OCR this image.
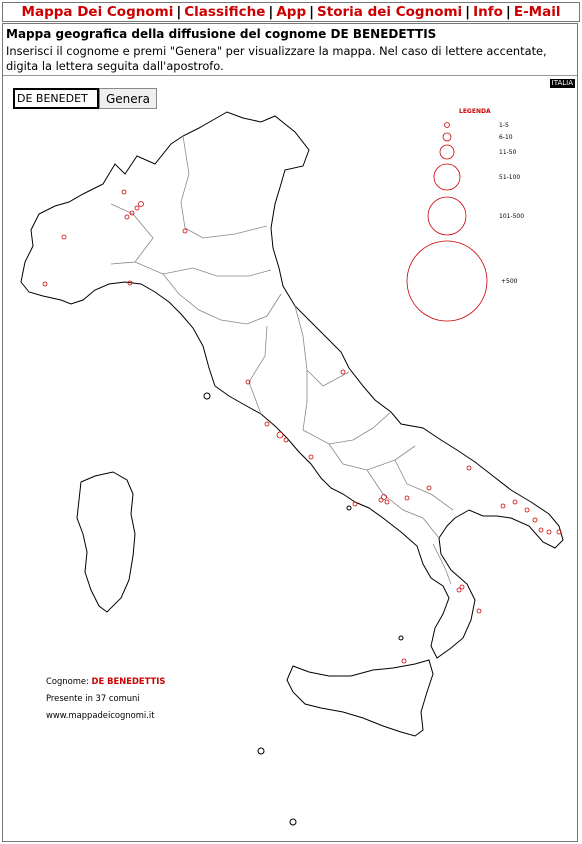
Mappa Dei Cognomi | Classifiche | App | Storia dei Cognomi | Info | E-Mail
Mappa geografica della diffusione del cognome DE BENEDETTIS
Inserisci il cognome e premi "Genera" per visualizzare la mappa. Nel caso di lettere accentate, digita la lettera seguita dall'apostrofo.
ITALIA
DE BENEDET
Genera
LEGENDA
1-5
6-10
11-50
51-100
101-500
+500
Cognome: DE BENEDETTIS
Presente in 37 comuni
www.mappadeicognomi.it
